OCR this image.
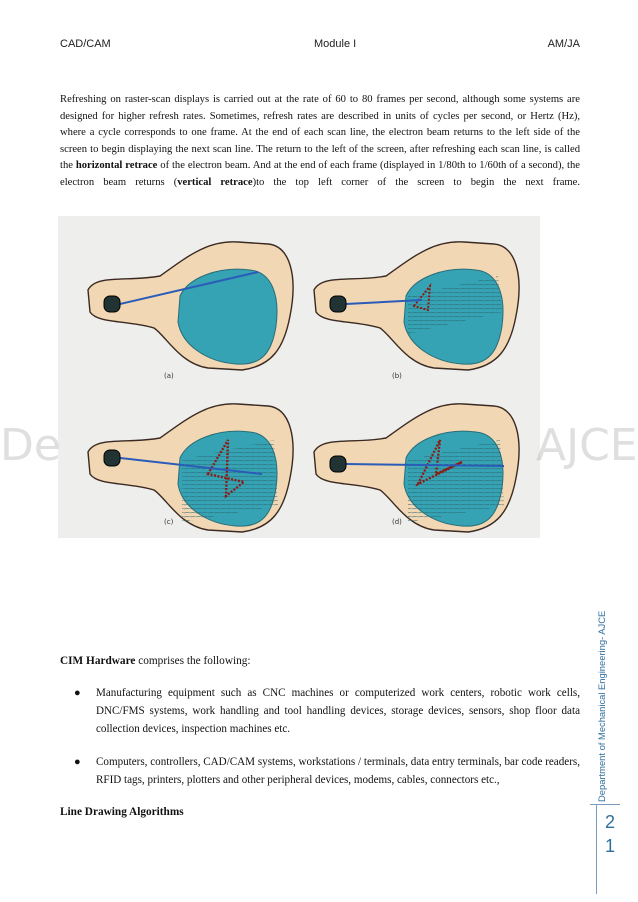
CAD/CAM	Module I	AM/JA
Refreshing on raster-scan displays is carried out at the rate of 60 to 80 frames per second, although some systems are designed for higher refresh rates. Sometimes, refresh rates are described in units of cycles per second, or Hertz (Hz), where a cycle corresponds to one frame. At the end of each scan line, the electron beam returns to the left side of the screen to begin displaying the next scan line. The return to the left of the screen, after refreshing each scan line, is called the horizontal retrace of the electron beam. And at the end of each frame (displayed in 1/80th to 1/60th of a second), the electron beam returns (vertical retrace)to the top left corner of the screen to begin the next frame.
(a)	(b)
(c)	(d)
De	AJCE
CIM Hardware comprises the following:
● Manufacturing equipment such as CNC machines or computerized work centers, robotic work cells, DNC/FMS systems, work handling and tool handling devices, storage devices, sensors, shop floor data collection devices, inspection machines etc.
● Computers, controllers, CAD/CAM systems, workstations / terminals, data entry terminals, bar code readers, RFID tags, printers, plotters and other peripheral devices, modems, cables, connectors etc.,
Line Drawing Algorithms
Department of Mechanical Engineering- AJCE
2
1
